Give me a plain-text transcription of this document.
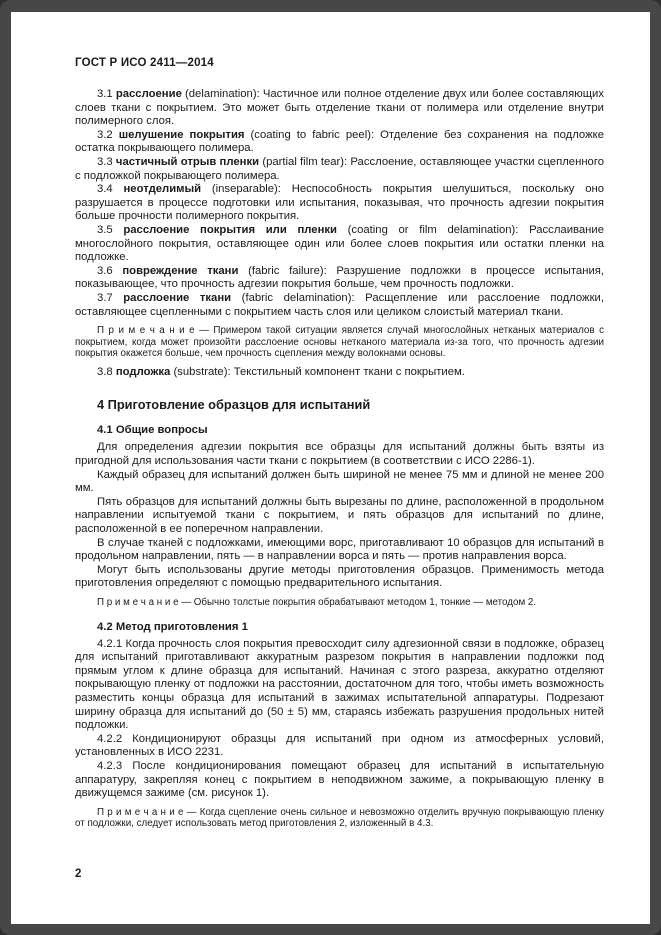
ГОСТ Р ИСО 2411—2014

3.1 расслоение (delamination): Частичное или полное отделение двух или более составляющих слоев ткани с покрытием. Это может быть отделение ткани от полимера или отделение внутри полимерного слоя.

3.2 шелушение покрытия (coating to fabric peel): Отделение без сохранения на подложке остатка покрывающего полимера.

3.3 частичный отрыв пленки (partial film tear): Расслоение, оставляющее участки сцепленного с подложкой покрывающего полимера.

3.4 неотделимый (inseparable): Неспособность покрытия шелушиться, поскольку оно разрушается в процессе подготовки или испытания, показывая, что прочность адгезии покрытия больше прочности полимерного покрытия.

3.5 расслоение покрытия или пленки (coating or film delamination): Расслаивание многослойного покрытия, оставляющее один или более слоев покрытия или остатки пленки на подложке.

3.6 повреждение ткани (fabric failure): Разрушение подложки в процессе испытания, показывающее, что прочность адгезии покрытия больше, чем прочность подложки.

3.7 расслоение ткани (fabric delamination): Расщепление или расслоение подложки, оставляющее сцепленными с покрытием часть слоя или целиком слоистый материал ткани.

П р и м е ч а н и е — Примером такой ситуации является случай многослойных нетканых материалов с покрытием, когда может произойти расслоение основы нетканого материала из-за того, что прочность адгезии покрытия окажется больше, чем прочность сцепления между волокнами основы.

3.8 подложка (substrate): Текстильный компонент ткани с покрытием.

4 Приготовление образцов для испытаний
4.1 Общие вопросы

Для определения адгезии покрытия все образцы для испытаний должны быть взяты из пригодной для использования части ткани с покрытием (в соответствии с ИСО 2286-1).

Каждый образец для испытаний должен быть шириной не менее 75 мм и длиной не менее 200 мм.

Пять образцов для испытаний должны быть вырезаны по длине, расположенной в продольном направлении испытуемой ткани с покрытием, и пять образцов для испытаний по длине, расположенной в ее поперечном направлении.

В случае тканей с подложками, имеющими ворс, приготавливают 10 образцов для испытаний в продольном направлении, пять — в направлении ворса и пять — против направления ворса.

Могут быть использованы другие методы приготовления образцов. Применимость метода приготовления определяют с помощью предварительного испытания.

П р и м е ч а н и е — Обычно толстые покрытия обрабатывают методом 1, тонкие — методом 2.

4.2 Метод приготовления 1

4.2.1 Когда прочность слоя покрытия превосходит силу адгезионной связи в подложке, образец для испытаний приготавливают аккуратным разрезом покрытия в направлении подложки под прямым углом к длине образца для испытаний. Начиная с этого разреза, аккуратно отделяют покрывающую пленку от подложки на расстоянии, достаточном для того, чтобы иметь возможность разместить концы образца для испытаний в зажимах испытательной аппаратуры. Подрезают ширину образца для испытаний до (50 ± 5) мм, стараясь избежать разрушения продольных нитей подложки.

4.2.2 Кондиционируют образцы для испытаний при одном из атмосферных условий, установленных в ИСО 2231.

4.2.3 После кондиционирования помещают образец для испытаний в испытательную аппаратуру, закрепляя конец с покрытием в неподвижном зажиме, а покрывающую пленку в движущемся зажиме (см. рисунок 1).

П р и м е ч а н и е — Когда сцепление очень сильное и невозможно отделить вручную покрывающую пленку от подложки, следует использовать метод приготовления 2, изложенный в 4.3.

2
